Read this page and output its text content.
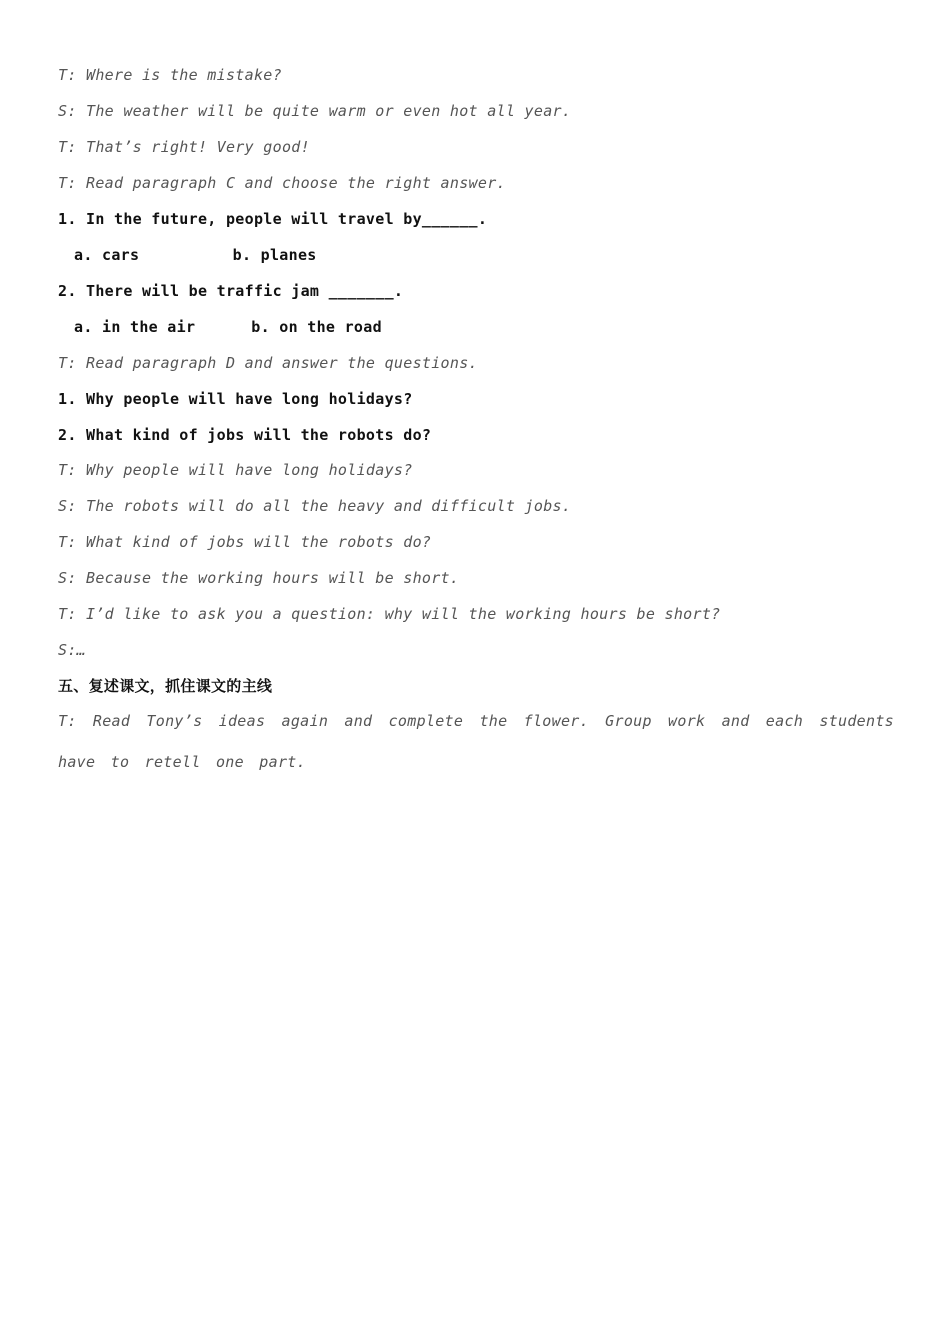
T: Where is the mistake?
S: The weather will be quite warm or even hot all year.
T: That’s right! Very good!
T: Read paragraph C and choose the right answer.
1. In the future, people will travel by______.
a. cars          b. planes
2. There will be traffic jam _______.
a. in the air      b. on the road
T: Read paragraph D and answer the questions.
1. Why people will have long holidays?
2. What kind of jobs will the robots do?
T: Why people will have long holidays?
S: The robots will do all the heavy and difficult jobs.
T: What kind of jobs will the robots do?
S: Because the working hours will be short.
T: I’d like to ask you a question: why will the working hours be short?
S:…
五、复述课文，抓住课文的主线
T: Read Tony’s ideas again and complete the flower. Group work and each students have to retell one part.
